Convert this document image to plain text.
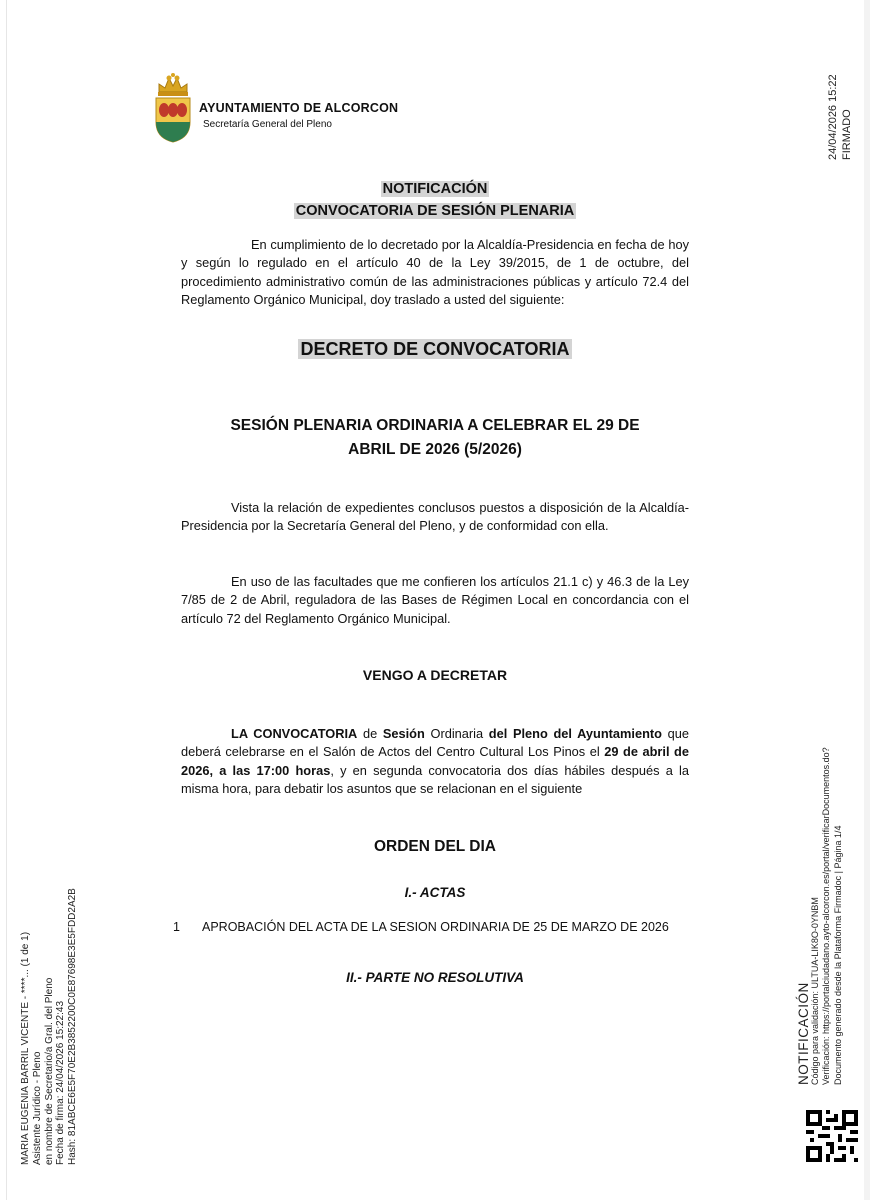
AYUNTAMIENTO DE ALCORCON
Secretaría General del Pleno	24/04/2026 15:22 FIRMADO
NOTIFICACIÓN
CONVOCATORIA DE SESIÓN PLENARIA
En cumplimiento de lo decretado por la Alcaldía-Presidencia en fecha de hoy y según lo regulado en el artículo 40 de la Ley 39/2015, de 1 de octubre, del procedimiento administrativo común de las administraciones públicas y artículo 72.4 del Reglamento Orgánico Municipal, doy traslado a usted del siguiente:
DECRETO DE CONVOCATORIA
SESIÓN PLENARIA ORDINARIA A CELEBRAR EL 29 DE
ABRIL DE 2026 (5/2026)
Vista la relación de expedientes conclusos puestos a disposición de la Alcaldía-Presidencia por la Secretaría General del Pleno, y de conformidad con ella.
En uso de las facultades que me confieren los artículos 21.1 c) y 46.3 de la Ley 7/85 de 2 de Abril, reguladora de las Bases de Régimen Local en concordancia con el artículo 72 del Reglamento Orgánico Municipal.
VENGO A DECRETAR
LA CONVOCATORIA de Sesión Ordinaria del Pleno del Ayuntamiento que deberá celebrarse en el Salón de Actos del Centro Cultural Los Pinos el 29 de abril de 2026, a las 17:00 horas, y en segunda convocatoria dos días hábiles después a la misma hora, para debatir los asuntos que se relacionan en el siguiente
ORDEN DEL DIA
I.- ACTAS
1 APROBACIÓN DEL ACTA DE LA SESION ORDINARIA DE 25 DE MARZO DE 2026
II.- PARTE NO RESOLUTIVA
MARIA EUGENIA BARRIL VICENTE - ****... (1 de 1) Asistente Jurídico - Pleno en nombre de Secretario/a Gral. del Pleno Fecha de firma: 24/04/2026 15:22:43 Hash: 81ABCE6E5F70E2B3852200C0E87698E3E5FDD2A2B	NOTIFICACIÓN
Código para validación: ULTUA-LIK8O-0YNBM Verificación: https://portalciudadano.ayto-alcorcon.es/portal/verificarDocumentos.do? Documento generado desde la Plataforma Firmadoc | Página 1/4
